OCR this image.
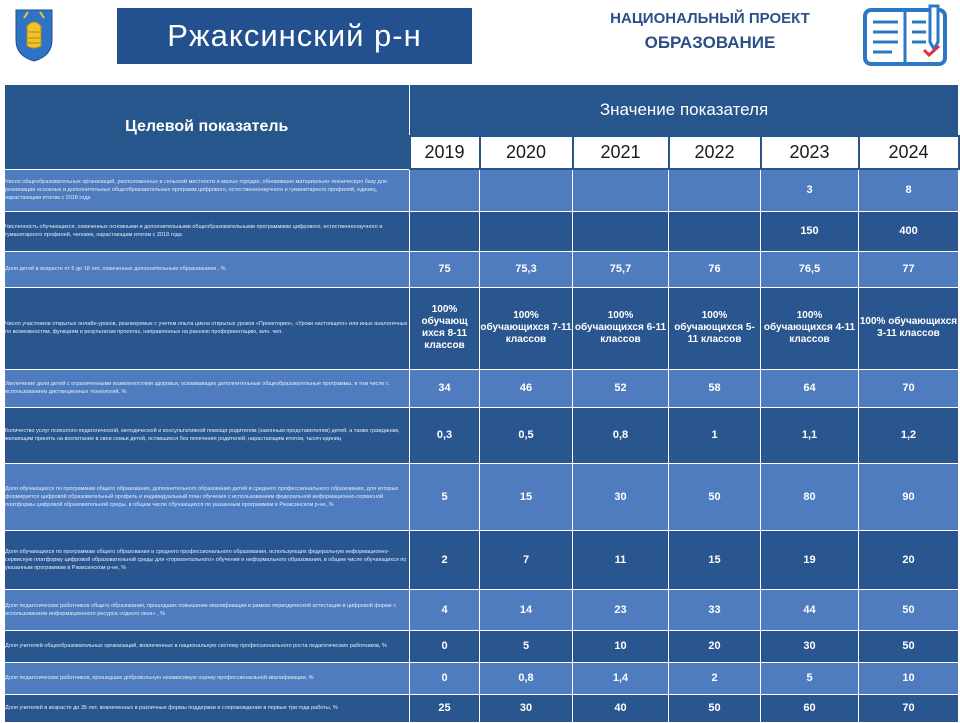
Ржаксинский р-н	НАЦИОНАЛЬНЫЙ ПРОЕКТ
ОБРАЗОВАНИЕ
Целевой показатель	Значение показателя					
	2019	2020	2021	2022	2023	2024
Число общеобразовательных организаций, расположенных в сельской местности и малых городах, обновивших материально-техническую базу для реализации основных и дополнительных общеобразовательных программ цифрового, естественнонаучного и гуманитарного профилей, единиц, нарастающим итогом с 2018 года					3	8
Численность обучающихся, охваченных основными и дополнительными общеобразовательными программами цифрового, естественнонаучного и гуманитарного профилей, человек, нарастающим итогом с 2018 года					150	400
Доля детей в возрасте от 5 до 18 лет, охваченных дополнительным образованием , %	75	75,3	75,7	76	76,5	77
Число участников открытых онлайн-уроков, реализуемых с учетом опыта цикла открытых уроков «Проектория», «Уроки настоящего» или иных аналогичных по возможностям, функциям и результатам проектах, направленных на раннюю профориентацию, млн. чел.	100% обучающ ихся 8-11 классов	100% обучающихся 7-11 классов	100% обучающихся 6-11 классов	100% обучающихся 5-11 классов	100% обучающихся 4-11 классов	100% обучающихся 3-11 классов
Увеличение доли детей с ограниченными возможностями здоровья, осваивающих дополнительные общеобразовательные программы, в том числе с использованием дистанционных технологий, %	34	46	52	58	64	70
Количество услуг психолого-педагогической, методической и консультативной помощи родителям (законным представителям) детей, а также гражданам, желающим принять на воспитание в свои семьи детей, оставшихся без попечения родителей, нарастающим итогом, тысяч единиц	0,3	0,5	0,8	1	1,1	1,2
Доля обучающихся по программам общего образования, дополнительного образования детей и среднего профессионального образования, для которых формируется цифровой образовательный профиль и индивидуальный план обучения с использованием федеральной информационно-сервисной платформы цифровой образовательной среды, в общем числе обучающихся по указанным программам в Ржаксинском р-не, %	5	15	30	50	80	90
Доля обучающихся по программам общего образования и среднего профессионального образования, использующих федеральную информационно-сервисную платформу цифровой образовательной среды для «горизонтального» обучения и неформального образования, в общем числе обучающихся по указанным программам в Ржаксинском р-не, %	2	7	11	15	19	20
Доля педагогических работников общего образования, прошедших повышение квалификации в рамках периодической аттестации в цифровой форме с использованием информационного ресурса «одного окна» , %	4	14	23	33	44	50
Доля учителей общеобразовательных организаций, вовлеченных в национальную систему профессионального роста педагогических работников, %	0	5	10	20	30	50
Доля педагогических работников, прошедших добровольную независимую оценку профессиональной квалификации, %	0	0,8	1,4	2	5	10
Доля учителей в возрасте до 35 лет, вовлеченных в различные формы поддержки и сопровождения в первые три года работы, %	25	30	40	50	60	70
